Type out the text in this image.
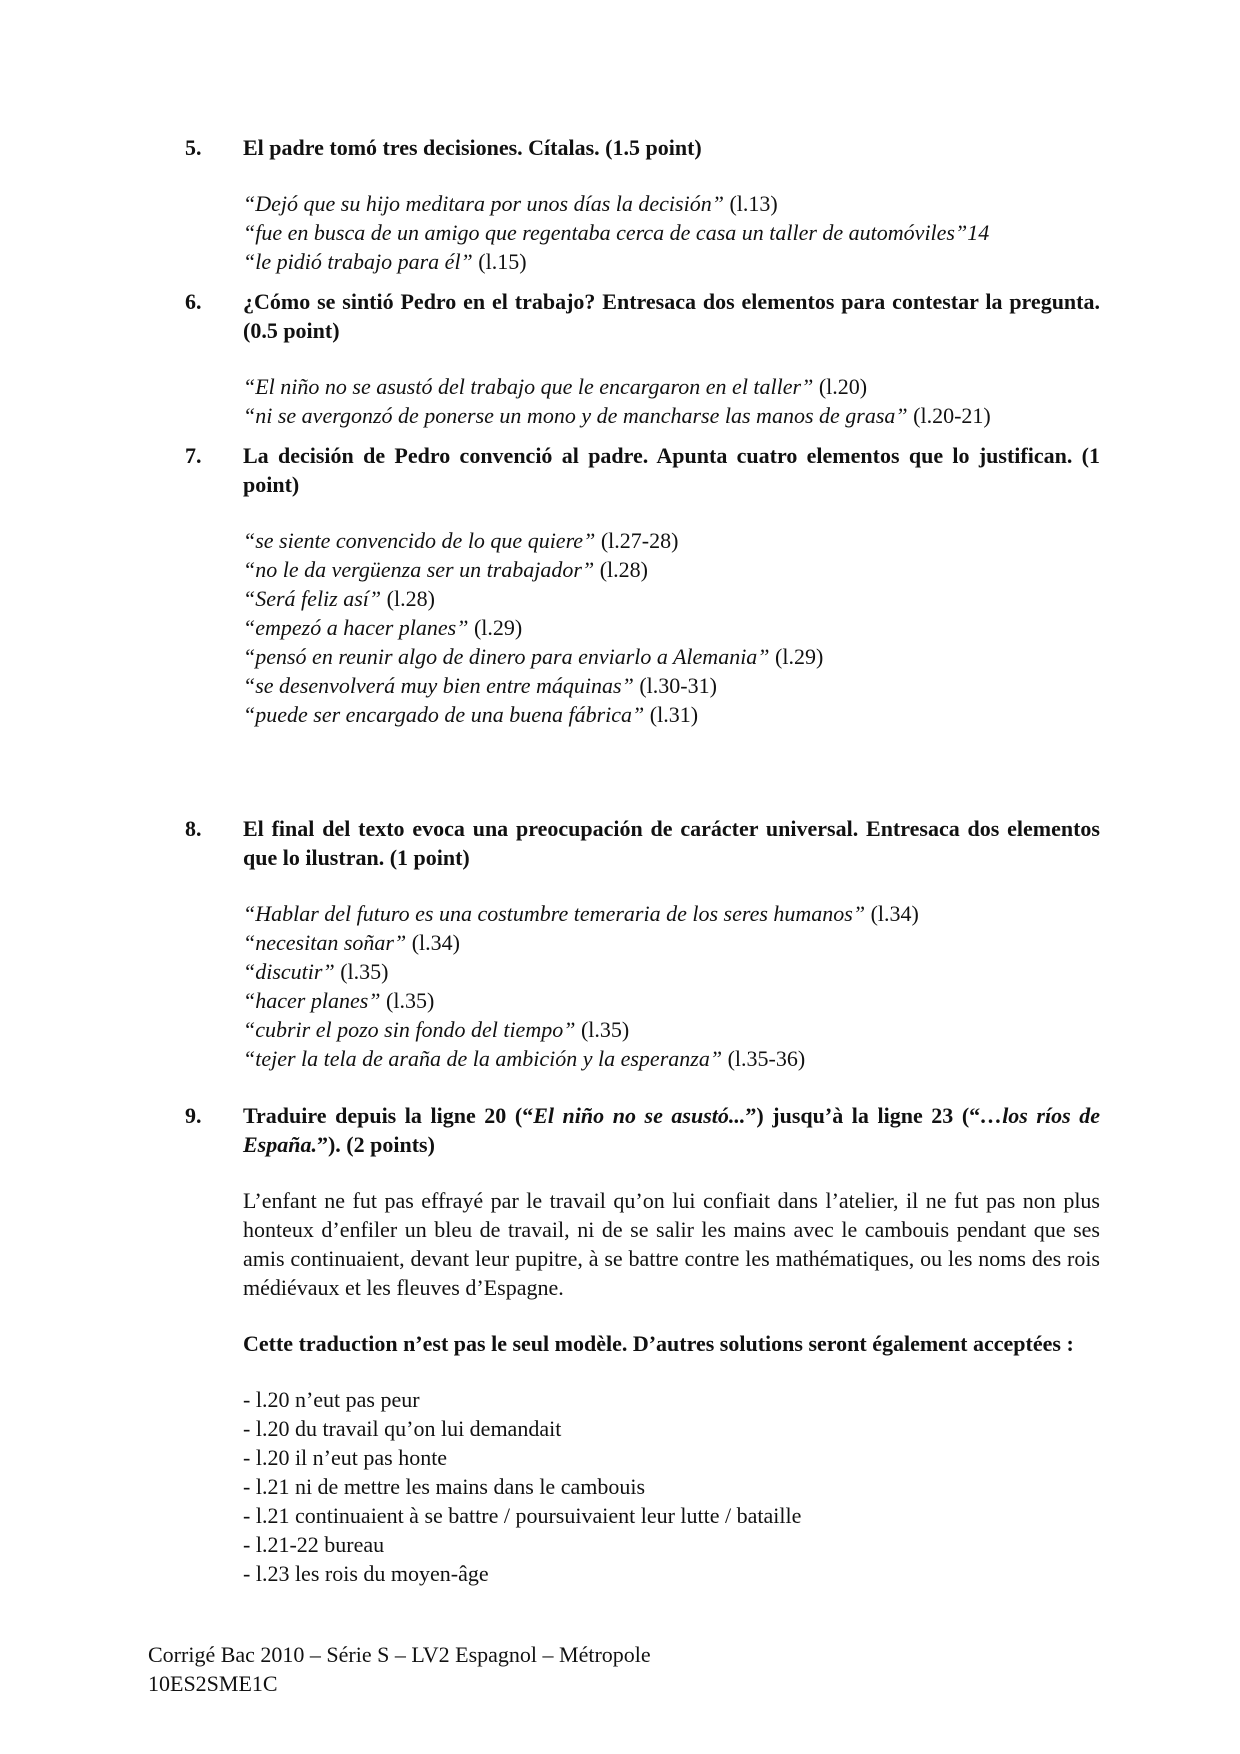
5.	El padre tomó tres decisiones. Cítalas. (1.5 point)
“Dejó que su hijo meditara por unos días la decisión” (l.13)
“fue en busca de un amigo que regentaba cerca de casa un taller de automóviles”14
“le pidió trabajo para él” (l.15)
6.	¿Cómo se sintió Pedro en el trabajo? Entresaca dos elementos para contestar la pregunta. (0.5 point)
“El niño no se asustó del trabajo que le encargaron en el taller” (l.20)
“ni se avergonzó de ponerse un mono y de mancharse las manos de grasa” (l.20-21)
7.	La decisión de Pedro convenció al padre. Apunta cuatro elementos que lo justifican. (1 point)
“se siente convencido de lo que quiere” (l.27-28)
“no le da vergüenza ser un trabajador” (l.28)
“Será feliz así” (l.28)
“empezó a hacer planes” (l.29)
“pensó en reunir algo de dinero para enviarlo a Alemania” (l.29)
“se desenvolverá muy bien entre máquinas” (l.30-31)
“puede ser encargado de una buena fábrica” (l.31)
8.	El final del texto evoca una preocupación de carácter universal. Entresaca dos elementos que lo ilustran. (1 point)
“Hablar del futuro es una costumbre temeraria de los seres humanos” (l.34)
“necesitan soñar” (l.34)
“discutir” (l.35)
“hacer planes” (l.35)
“cubrir el pozo sin fondo del tiempo” (l.35)
“tejer la tela de araña de la ambición y la esperanza” (l.35-36)
9.	Traduire depuis la ligne 20 (“El niño no se asustó...”) jusqu’à la ligne 23 (“…los ríos de España.”). (2 points)
L’enfant ne fut pas effrayé par le travail qu’on lui confiait dans l’atelier, il ne fut pas non plus honteux d’enfiler un bleu de travail, ni de se salir les mains avec le cambouis pendant que ses amis continuaient, devant leur pupitre, à se battre contre les mathématiques, ou les noms des rois médiévaux et les fleuves d’Espagne.
Cette traduction n’est pas le seul modèle. D’autres solutions seront également acceptées :
- l.20 n’eut pas peur
- l.20 du travail qu’on lui demandait
- l.20 il n’eut pas honte
- l.21 ni de mettre les mains dans le cambouis
- l.21 continuaient à se battre / poursuivaient leur lutte / bataille
- l.21-22 bureau
- l.23 les rois du moyen-âge
Corrigé Bac 2010 – Série S – LV2 Espagnol – Métropole
10ES2SME1C
